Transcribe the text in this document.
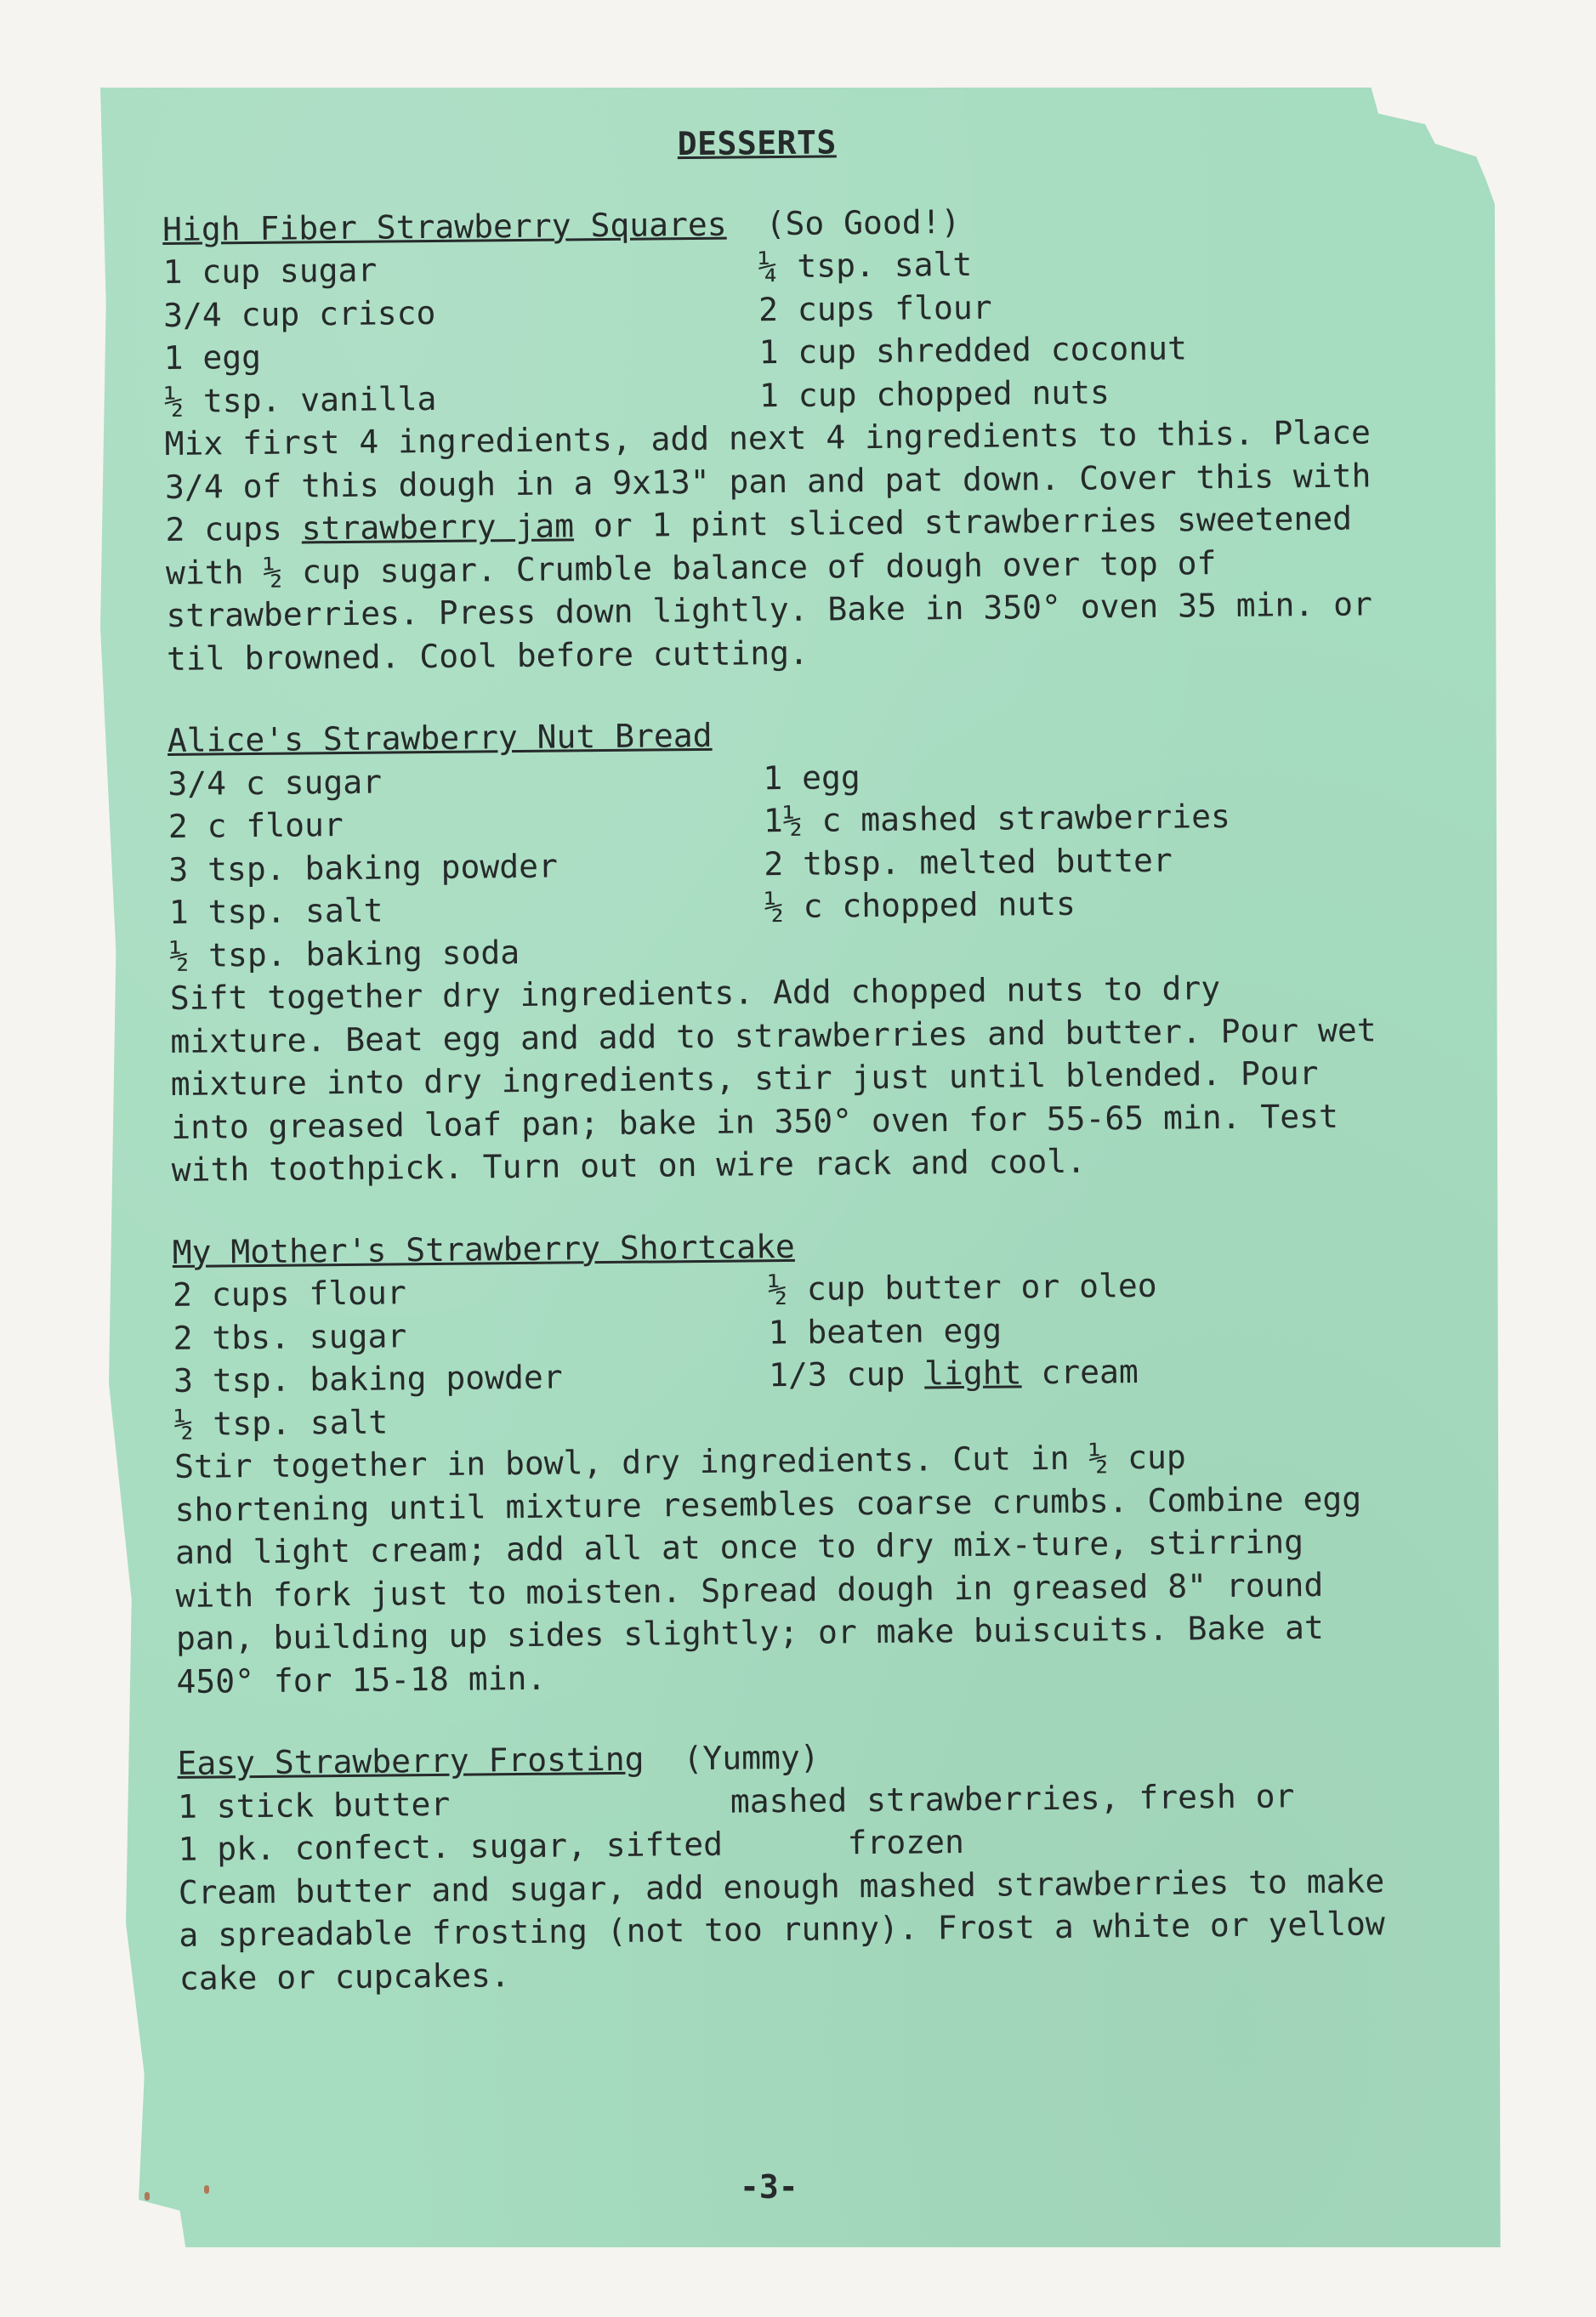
DESSERTS
High Fiber Strawberry Squares (So Good!)
1 cup sugar
3/4 cup crisco
1 egg
½ tsp. vanilla
¼ tsp. salt
2 cups flour
1 cup shredded coconut
1 cup chopped nuts
Mix first 4 ingredients, add next 4 ingredients to this. Place 3/4 of this dough in a 9x13" pan and pat down. Cover this with 2 cups strawberry jam or 1 pint sliced strawberries sweetened with ½ cup sugar. Crumble balance of dough over top of strawberries. Press down lightly. Bake in 350° oven 35 min. or til browned. Cool before cutting.
Alice's Strawberry Nut Bread
3/4 c sugar
2 c flour
3 tsp. baking powder
1 tsp. salt
½ tsp. baking soda
1 egg
1½ c mashed strawberries
2 tbsp. melted butter
½ c chopped nuts
Sift together dry ingredients. Add chopped nuts to dry mixture. Beat egg and add to strawberries and butter. Pour wet mixture into dry ingredients, stir just until blended. Pour into greased loaf pan; bake in 350° oven for 55-65 min. Test with toothpick. Turn out on wire rack and cool.
My Mother's Strawberry Shortcake
2 cups flour
2 tbs. sugar
3 tsp. baking powder
½ tsp. salt
½ cup butter or oleo
1 beaten egg
1/3 cup light cream
Stir together in bowl, dry ingredients. Cut in ½ cup shortening until mixture resembles coarse crumbs. Combine egg and light cream; add all at once to dry mix-ture, stirring with fork just to moisten. Spread dough in greased 8" round pan, building up sides slightly; or make buiscuits. Bake at 450° for 15-18 min.
Easy Strawberry Frosting (Yummy)
1 stick butter
1 pk. confect. sugar, sifted
mashed strawberries, fresh or
frozen
Cream butter and sugar, add enough mashed strawberries to make a spreadable frosting (not too runny). Frost a white or yellow cake or cupcakes.
-3-
